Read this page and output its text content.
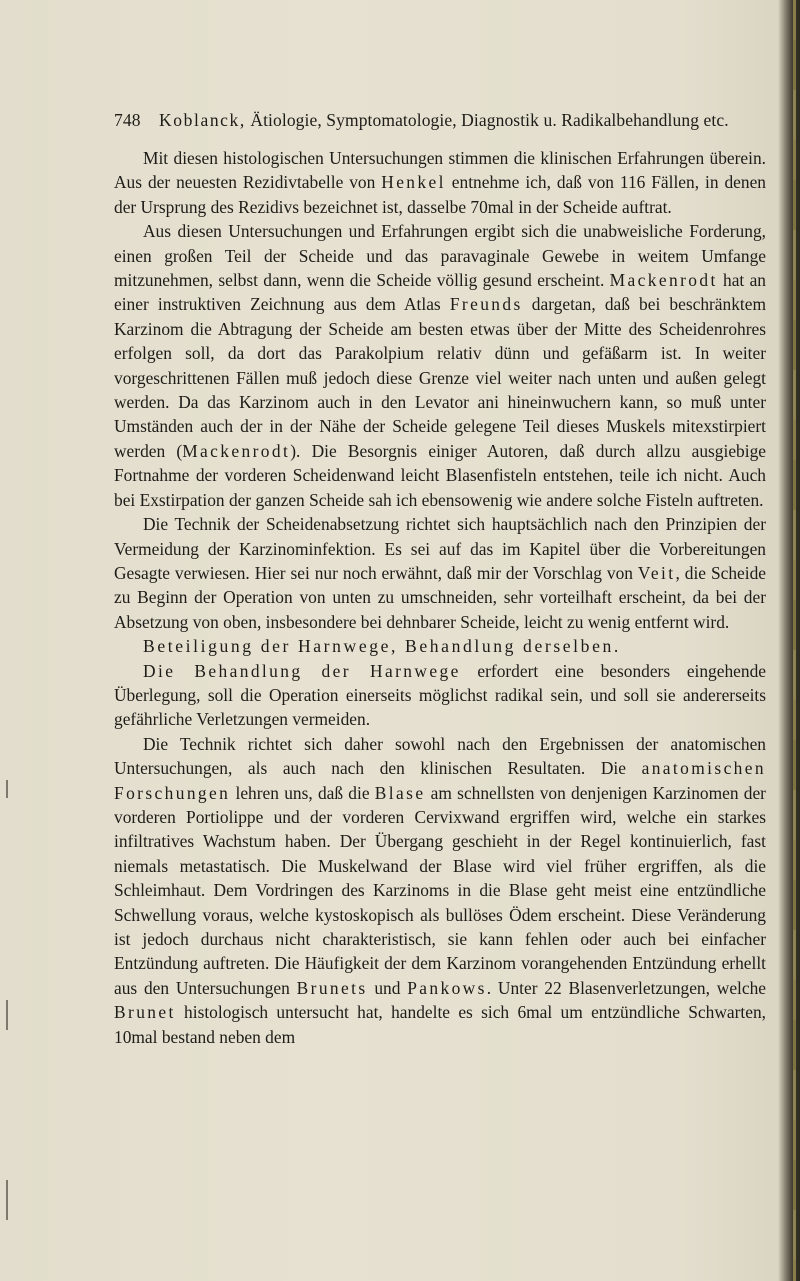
748 Koblanck, Ätiologie, Symptomatologie, Diagnostik u. Radikalbehandlung etc.

Mit diesen histologischen Untersuchungen stimmen die klinischen Erfahrungen überein. Aus der neuesten Rezidivtabelle von Henkel entnehme ich, daß von 116 Fällen, in denen der Ursprung des Rezidivs bezeichnet ist, dasselbe 70mal in der Scheide auftrat.

Aus diesen Untersuchungen und Erfahrungen ergibt sich die unabweisliche Forderung, einen großen Teil der Scheide und das paravaginale Gewebe in weitem Umfange mitzunehmen, selbst dann, wenn die Scheide völlig gesund erscheint. Mackenrodt hat an einer instruktiven Zeichnung aus dem Atlas Freunds dargetan, daß bei beschränktem Karzinom die Abtragung der Scheide am besten etwas über der Mitte des Scheidenrohres erfolgen soll, da dort das Parakolpium relativ dünn und gefäßarm ist. In weiter vorgeschrittenen Fällen muß jedoch diese Grenze viel weiter nach unten und außen gelegt werden. Da das Karzinom auch in den Levator ani hineinwuchern kann, so muß unter Umständen auch der in der Nähe der Scheide gelegene Teil dieses Muskels mitexstirpiert werden (Mackenrodt). Die Besorgnis einiger Autoren, daß durch allzu ausgiebige Fortnahme der vorderen Scheidenwand leicht Blasenfisteln entstehen, teile ich nicht. Auch bei Exstirpation der ganzen Scheide sah ich ebensowenig wie andere solche Fisteln auftreten.

Die Technik der Scheidenabsetzung richtet sich hauptsächlich nach den Prinzipien der Vermeidung der Karzinominfektion. Es sei auf das im Kapitel über die Vorbereitungen Gesagte verwiesen. Hier sei nur noch erwähnt, daß mir der Vorschlag von Veit, die Scheide zu Beginn der Operation von unten zu umschneiden, sehr vorteilhaft erscheint, da bei der Absetzung von oben, insbesondere bei dehnbarer Scheide, leicht zu wenig entfernt wird.

Beteiligung der Harnwege, Behandlung derselben.

Die Behandlung der Harnwege erfordert eine besonders eingehende Überlegung, soll die Operation einerseits möglichst radikal sein, und soll sie andererseits gefährliche Verletzungen vermeiden.

Die Technik richtet sich daher sowohl nach den Ergebnissen der anatomischen Untersuchungen, als auch nach den klinischen Resultaten. Die anatomischen Forschungen lehren uns, daß die Blase am schnellsten von denjenigen Karzinomen der vorderen Portiolippe und der vorderen Cervixwand ergriffen wird, welche ein starkes infiltratives Wachstum haben. Der Übergang geschieht in der Regel kontinuierlich, fast niemals metastatisch. Die Muskelwand der Blase wird viel früher ergriffen, als die Schleimhaut. Dem Vordringen des Karzinoms in die Blase geht meist eine entzündliche Schwellung voraus, welche kystoskopisch als bullöses Ödem erscheint. Diese Veränderung ist jedoch durchaus nicht charakteristisch, sie kann fehlen oder auch bei einfacher Entzündung auftreten. Die Häufigkeit der dem Karzinom vorangehenden Entzündung erhellt aus den Untersuchungen Brunets und Pankows. Unter 22 Blasenverletzungen, welche Brunet histologisch untersucht hat, handelte es sich 6mal um entzündliche Schwarten, 10mal bestand neben dem
